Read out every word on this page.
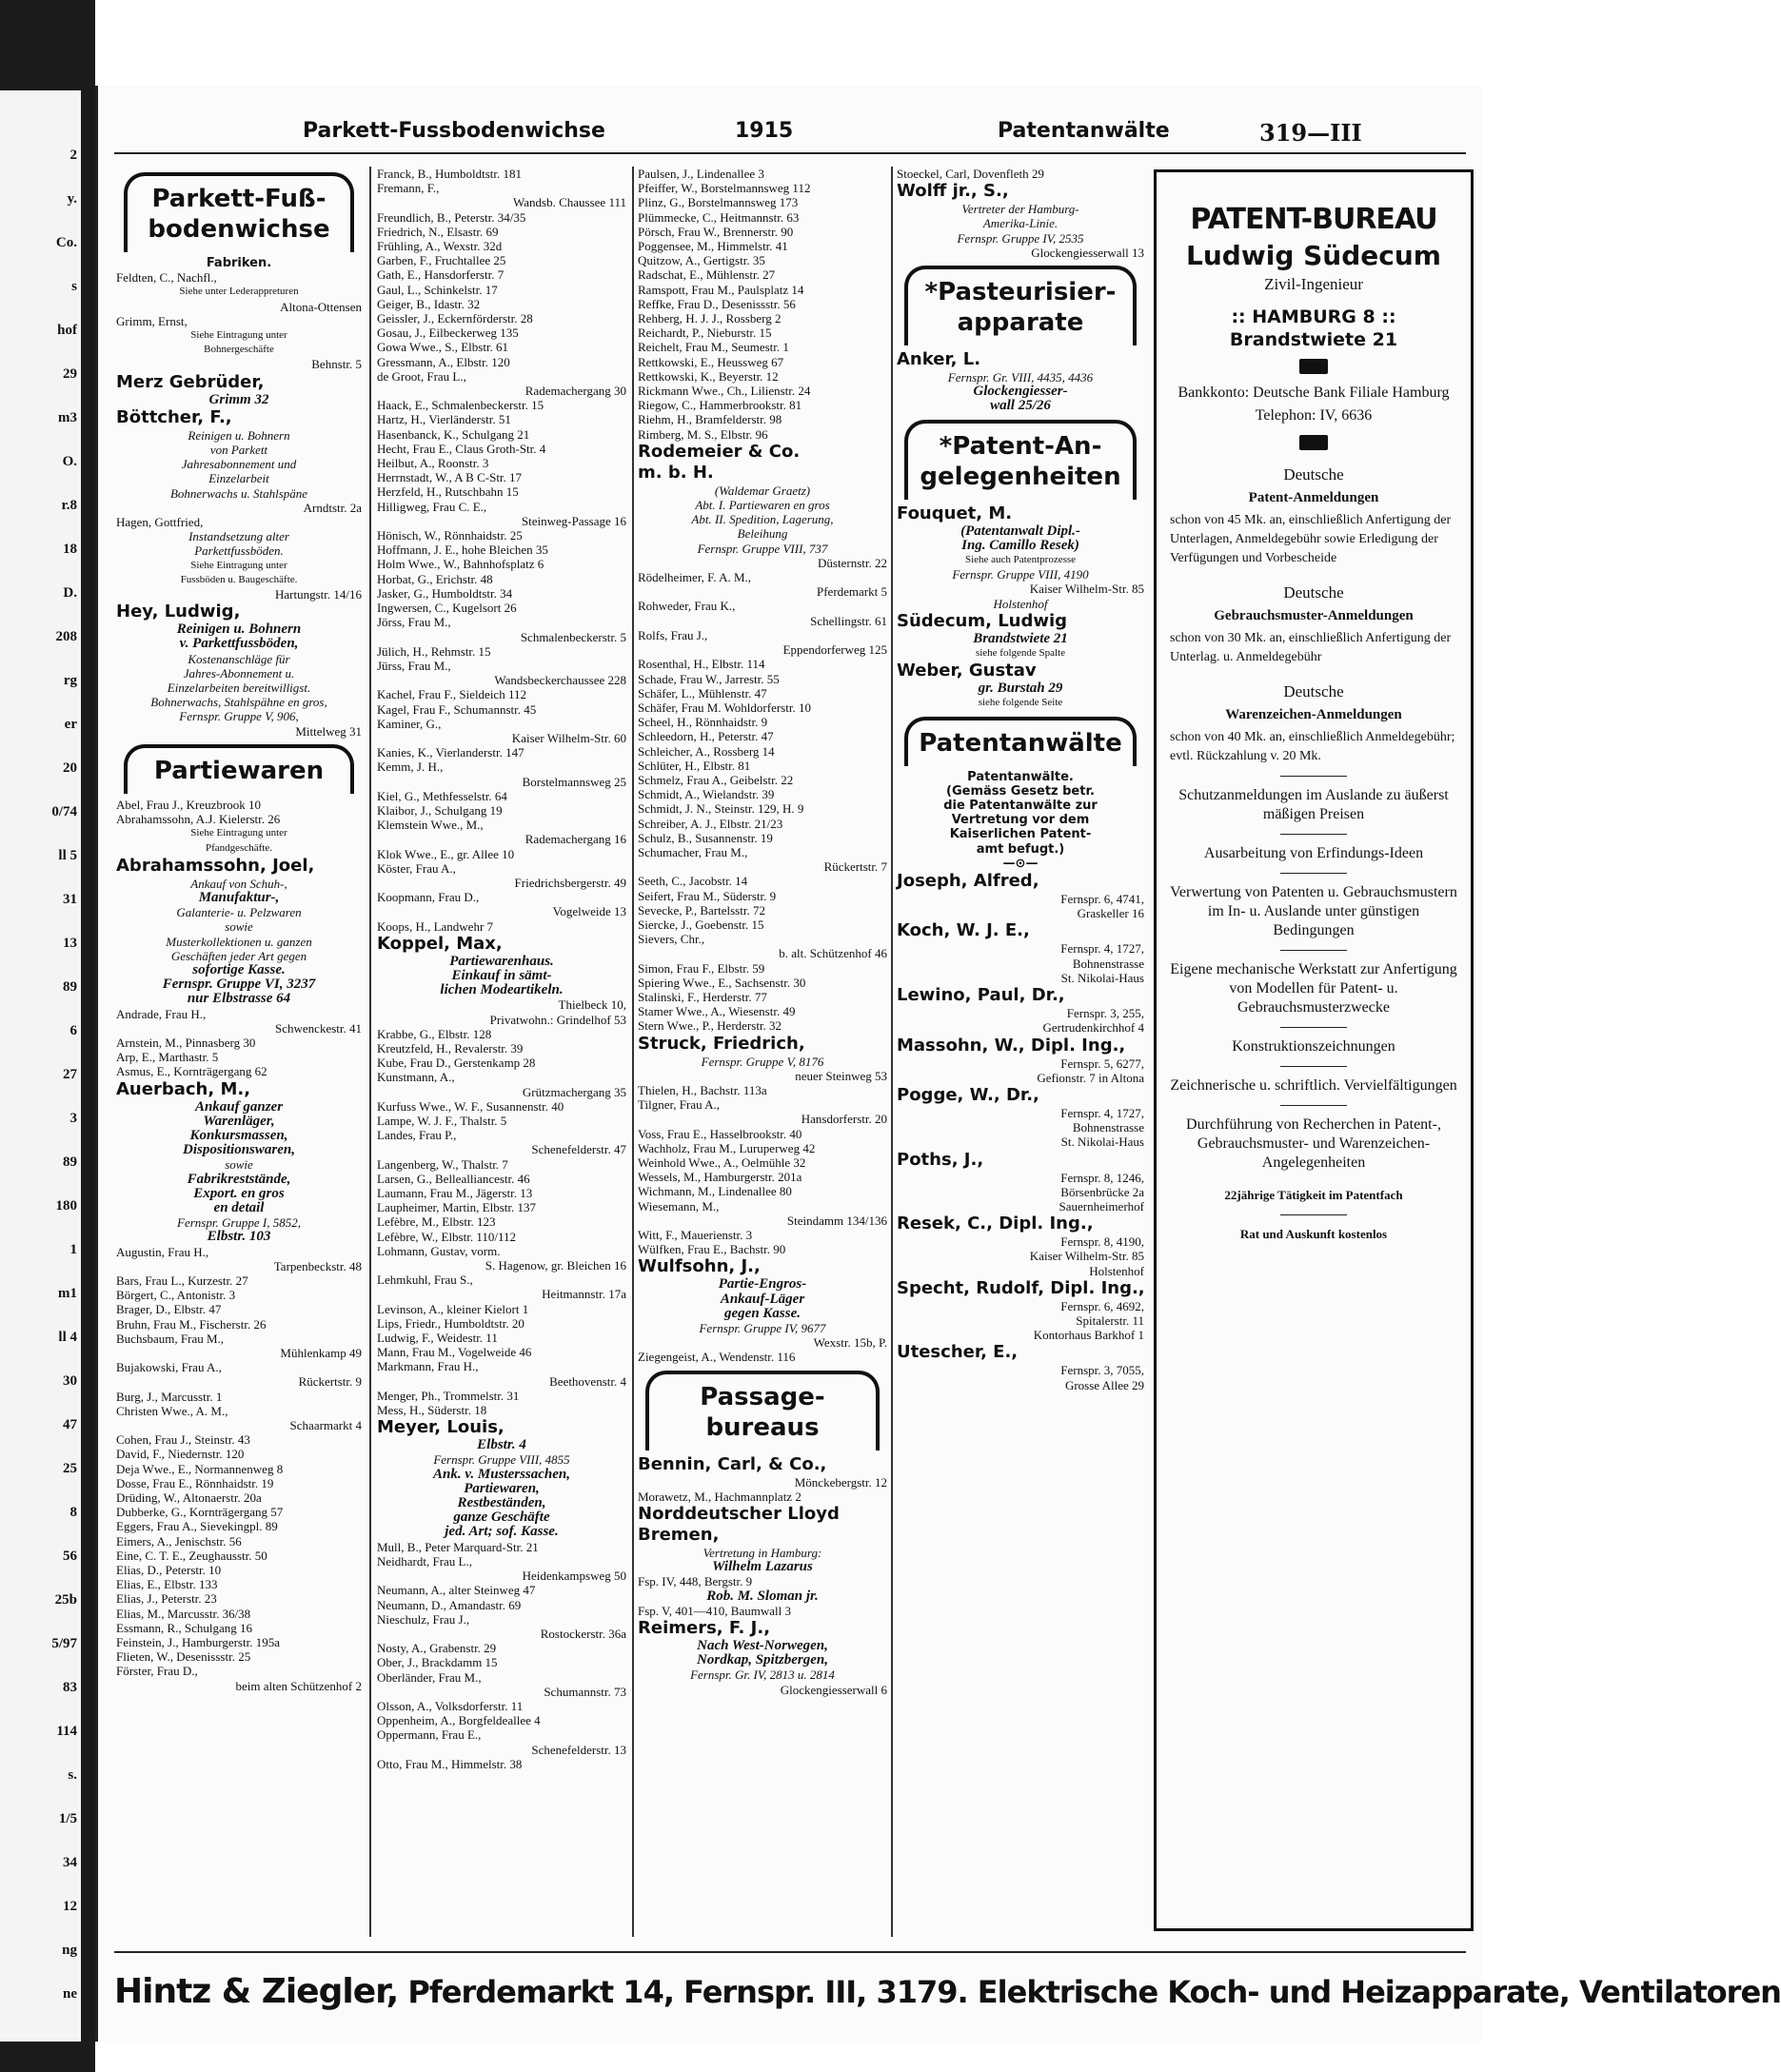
2
y.
Co.
s
hof
29
m3
O.
r.8
18
D.
208
rg
er
20
0/74
ll 5
31
13
89
6
27
3
89
180
1
m1
ll 4
30
47
25
8
56
25b
5/97
83
114
s.
1/5
34
12
ng
ne
Parkett-Fussbodenwichse	1915	Patentanwälte	319—III
Parkett-Fuß-
bodenwichse
Fabriken.
Feldten, C., Nachfl.,
Siehe unter Lederappreturen
Altona-Ottensen
Grimm, Ernst,
Siehe Eintragung unter
Bohnergeschäfte
Behnstr. 5
Merz Gebrüder,
Grimm 32
Böttcher, F.,
Reinigen u. Bohnern
von Parkett
Jahresabonnement und
Einzelarbeit
Bohnerwachs u. Stahlspäne
Arndtstr. 2a
Hagen, Gottfried,
Instandsetzung alter
Parkettfussböden.
Siehe Eintragung unter
Fussböden u. Baugeschäfte.
Hartungstr. 14/16
Hey, Ludwig,
Reinigen u. Bohnern
v. Parkettfussböden,
Kostenanschläge für
Jahres-Abonnement u.
Einzelarbeiten bereitwilligst.
Bohnerwachs, Stahlspähne en gros,
Fernspr. Gruppe V, 906,
Mittelweg 31
Partiewaren
Abel, Frau J., Kreuzbrook 10
Abrahamssohn, A.J. Kielerstr. 26
Siehe Eintragung unter
Pfandgeschäfte.
Abrahamssohn, Joel,
Ankauf von Schuh-,
Manufaktur-,
Galanterie- u. Pelzwaren
sowie
Musterkollektionen u. ganzen
Geschäften jeder Art gegen
sofortige Kasse.
Fernspr. Gruppe VI, 3237
nur Elbstrasse 64
Andrade, Frau H.,
Schwenckestr. 41
Arnstein, M., Pinnasberg 30
Arp, E., Marthastr. 5
Asmus, E., Kornträgergang 62
Auerbach, M.,
Ankauf ganzer
Warenläger,
Konkursmassen,
Dispositionswaren,
sowie
Fabrikreststände,
Export. en gros
en detail
Fernspr. Gruppe I, 5852,
Elbstr. 103
Augustin, Frau H.,
Tarpenbeckstr. 48
Bars, Frau L., Kurzestr. 27
Börgert, C., Antonistr. 3
Brager, D., Elbstr. 47
Bruhn, Frau M., Fischerstr. 26
Buchsbaum, Frau M.,
Mühlenkamp 49
Bujakowski, Frau A.,
Rückertstr. 9
Burg, J., Marcusstr. 1
Christen Wwe., A. M.,
Schaarmarkt 4
Cohen, Frau J., Steinstr. 43
David, F., Niedernstr. 120
Deja Wwe., E., Normannenweg 8
Dosse, Frau E., Rönnhaidstr. 19
Drüding, W., Altonaerstr. 20a
Dubberke, G., Kornträgergang 57
Eggers, Frau A., Sievekingpl. 89
Eimers, A., Jenischstr. 56
Eine, C. T. E., Zeughausstr. 50
Elias, D., Peterstr. 10
Elias, E., Elbstr. 133
Elias, J., Peterstr. 23
Elias, M., Marcusstr. 36/38
Essmann, R., Schulgang 16
Feinstein, J., Hamburgerstr. 195a
Flieten, W., Desenissstr. 25
Förster, Frau D.,
beim alten Schützenhof 2
Franck, B., Humboldtstr. 181
Fremann, F.,
Wandsb. Chaussee 111
Freundlich, B., Peterstr. 34/35
Friedrich, N., Elsastr. 69
Frühling, A., Wexstr. 32d
Garben, F., Fruchtallee 25
Gath, E., Hansdorferstr. 7
Gaul, L., Schinkelstr. 17
Geiger, B., Idastr. 32
Geissler, J., Eckernförderstr. 28
Gosau, J., Eilbeckerweg 135
Gowa Wwe., S., Elbstr. 61
Gressmann, A., Elbstr. 120
de Groot, Frau L.,
Rademachergang 30
Haack, E., Schmalenbeckerstr. 15
Hartz, H., Vierländerstr. 51
Hasenbanck, K., Schulgang 21
Hecht, Frau E., Claus Groth-Str. 4
Heilbut, A., Roonstr. 3
Herrnstadt, W., A B C-Str. 17
Herzfeld, H., Rutschbahn 15
Hilligweg, Frau C. E.,
Steinweg-Passage 16
Hönisch, W., Rönnhaidstr. 25
Hoffmann, J. E., hohe Bleichen 35
Holm Wwe., W., Bahnhofsplatz 6
Horbat, G., Erichstr. 48
Jasker, G., Humboldtstr. 34
Ingwersen, C., Kugelsort 26
Jörss, Frau M.,
Schmalenbeckerstr. 5
Jülich, H., Rehmstr. 15
Jürss, Frau M.,
Wandsbeckerchaussee 228
Kachel, Frau F., Sieldeich 112
Kagel, Frau F., Schumannstr. 45
Kaminer, G.,
Kaiser Wilhelm-Str. 60
Kanies, K., Vierlanderstr. 147
Kemm, J. H.,
Borstelmannsweg 25
Kiel, G., Methfesselstr. 64
Klaibor, J., Schulgang 19
Klemstein Wwe., M.,
Rademachergang 16
Klok Wwe., E., gr. Allee 10
Köster, Frau A.,
Friedrichsbergerstr. 49
Koopmann, Frau D.,
Vogelweide 13
Koops, H., Landwehr 7
Koppel, Max,
Partiewarenhaus.
Einkauf in sämt-
lichen Modeartikeln.
Thielbeck 10,
Privatwohn.: Grindelhof 53
Krabbe, G., Elbstr. 128
Kreutzfeld, H., Revalerstr. 39
Kube, Frau D., Gerstenkamp 28
Kunstmann, A.,
Grützmachergang 35
Kurfuss Wwe., W. F., Susannenstr. 40
Lampe, W. J. F., Thalstr. 5
Landes, Frau P.,
Schenefelderstr. 47
Langenberg, W., Thalstr. 7
Larsen, G., Bellealliancestr. 46
Laumann, Frau M., Jägerstr. 13
Laupheimer, Martin, Elbstr. 137
Lefèbre, M., Elbstr. 123
Lefèbre, W., Elbstr. 110/112
Lohmann, Gustav, vorm.
S. Hagenow, gr. Bleichen 16
Lehmkuhl, Frau S.,
Heitmannstr. 17a
Levinson, A., kleiner Kielort 1
Lips, Friedr., Humboldtstr. 20
Ludwig, F., Weidestr. 11
Mann, Frau M., Vogelweide 46
Markmann, Frau H.,
Beethovenstr. 4
Menger, Ph., Trommelstr. 31
Mess, H., Süderstr. 18
Meyer, Louis,
Elbstr. 4
Fernspr. Gruppe VIII, 4855
Ank. v. Musterssachen,
Partiewaren,
Restbeständen,
ganze Geschäfte
jed. Art; sof. Kasse.
Mull, B., Peter Marquard-Str. 21
Neidhardt, Frau L.,
Heidenkampsweg 50
Neumann, A., alter Steinweg 47
Neumann, D., Amandastr. 69
Nieschulz, Frau J.,
Rostockerstr. 36a
Nosty, A., Grabenstr. 29
Ober, J., Brackdamm 15
Oberländer, Frau M.,
Schumannstr. 73
Olsson, A., Volksdorferstr. 11
Oppenheim, A., Borgfeldeallee 4
Oppermann, Frau E.,
Schenefelderstr. 13
Otto, Frau M., Himmelstr. 38
Paulsen, J., Lindenallee 3
Pfeiffer, W., Borstelmannsweg 112
Plinz, G., Borstelmannsweg 173
Plümmecke, C., Heitmannstr. 63
Pörsch, Frau W., Brennerstr. 90
Poggensee, M., Himmelstr. 41
Quitzow, A., Gertigstr. 35
Radschat, E., Mühlenstr. 27
Ramspott, Frau M., Paulsplatz 14
Reffke, Frau D., Desenissstr. 56
Rehberg, H. J. J., Rossberg 2
Reichardt, P., Nieburstr. 15
Reichelt, Frau M., Seumestr. 1
Rettkowski, E., Heussweg 67
Rettkowski, K., Beyerstr. 12
Rickmann Wwe., Ch., Lilienstr. 24
Riegow, C., Hammerbrookstr. 81
Riehm, H., Bramfelderstr. 98
Rimberg, M. S., Elbstr. 96
Rodemeier & Co.
m. b. H.
(Waldemar Graetz)
Abt. I. Partiewaren en gros
Abt. II. Spedition, Lagerung,
Beleihung
Fernspr. Gruppe VIII, 737
Düsternstr. 22
Rödelheimer, F. A. M.,
Pferdemarkt 5
Rohweder, Frau K.,
Schellingstr. 61
Rolfs, Frau J.,
Eppendorferweg 125
Rosenthal, H., Elbstr. 114
Schade, Frau W., Jarrestr. 55
Schäfer, L., Mühlenstr. 47
Schäfer, Frau M. Wohldorferstr. 10
Scheel, H., Rönnhaidstr. 9
Schleedorn, H., Peterstr. 47
Schleicher, A., Rossberg 14
Schlüter, H., Elbstr. 81
Schmelz, Frau A., Geibelstr. 22
Schmidt, A., Wielandstr. 39
Schmidt, J. N., Steinstr. 129, H. 9
Schreiber, A. J., Elbstr. 21/23
Schulz, B., Susannenstr. 19
Schumacher, Frau M.,
Rückertstr. 7
Seeth, C., Jacobstr. 14
Seifert, Frau M., Süderstr. 9
Sevecke, P., Bartelsstr. 72
Siercke, J., Goebenstr. 15
Sievers, Chr.,
b. alt. Schützenhof 46
Simon, Frau F., Elbstr. 59
Spiering Wwe., E., Sachsenstr. 30
Stalinski, F., Herderstr. 77
Stamer Wwe., A., Wiesenstr. 49
Stern Wwe., P., Herderstr. 32
Struck, Friedrich,
Fernspr. Gruppe V, 8176
neuer Steinweg 53
Thielen, H., Bachstr. 113a
Tilgner, Frau A.,
Hansdorferstr. 20
Voss, Frau E., Hasselbrookstr. 40
Wachholz, Frau M., Luruperweg 42
Weinhold Wwe., A., Oelmühle 32
Wessels, M., Hamburgerstr. 201a
Wichmann, M., Lindenallee 80
Wiesemann, M.,
Steindamm 134/136
Witt, F., Mauerienstr. 3
Wülfken, Frau E., Bachstr. 90
Wulfsohn, J.,
Partie-Engros-
Ankauf-Läger
gegen Kasse.
Fernspr. Gruppe IV, 9677
Wexstr. 15b, P.
Ziegengeist, A., Wendenstr. 116
Passage-
bureaus
Bennin, Carl, & Co.,
Mönckebergstr. 12
Morawetz, M., Hachmannplatz 2
Norddeutscher Lloyd
Bremen,
Vertretung in Hamburg:
Wilhelm Lazarus
Fsp. IV, 448, Bergstr. 9
Rob. M. Sloman jr.
Fsp. V, 401—410, Baumwall 3
Reimers, F. J.,
Nach West-Norwegen,
Nordkap, Spitzbergen,
Fernspr. Gr. IV, 2813 u. 2814
Glockengiesserwall 6
Stoeckel, Carl, Dovenfleth 29
Wolff jr., S.,
Vertreter der Hamburg-
Amerika-Linie.
Fernspr. Gruppe IV, 2535
Glockengiesserwall 13
*Pasteurisier-
apparate
Anker, L.
Fernspr. Gr. VIII, 4435, 4436
Glockengiesser-
wall 25/26
*Patent-An-
gelegenheiten
Fouquet, M.
(Patentanwalt Dipl.-
Ing. Camillo Resek)
Siehe auch Patentprozesse
Fernspr. Gruppe VIII, 4190
Kaiser Wilhelm-Str. 85
Holstenhof
Südecum, Ludwig
Brandstwiete 21
siehe folgende Spalte
Weber, Gustav
gr. Burstah 29
siehe folgende Seite
Patentanwälte
Patentanwälte.
(Gemäss Gesetz betr.
die Patentanwälte zur
Vertretung vor dem
Kaiserlichen Patent-
amt befugt.)
—⊙—
Joseph, Alfred,
Fernspr. 6, 4741,
Graskeller 16
Koch, W. J. E.,
Fernspr. 4, 1727,
Bohnenstrasse
St. Nikolai-Haus
Lewino, Paul, Dr.,
Fernspr. 3, 255,
Gertrudenkirchhof 4
Massohn, W., Dipl. Ing.,
Fernspr. 5, 6277,
Gefionstr. 7 in Altona
Pogge, W., Dr.,
Fernspr. 4, 1727,
Bohnenstrasse
St. Nikolai-Haus
Poths, J.,
Fernspr. 8, 1246,
Börsenbrücke 2a
Sauernheimerhof
Resek, C., Dipl. Ing.,
Fernspr. 8, 4190,
Kaiser Wilhelm-Str. 85
Holstenhof
Specht, Rudolf, Dipl. Ing.,
Fernspr. 6, 4692,
Spitalerstr. 11
Kontorhaus Barkhof 1
Utescher, E.,
Fernspr. 3, 7055,
Grosse Allee 29
PATENT-BUREAU
Ludwig Südecum
Zivil-Ingenieur
:: HAMBURG 8 ::
Brandstwiete 21
Bankkonto: Deutsche Bank Filiale Hamburg
Telephon: IV, 6636
Deutsche
Patent-Anmeldungen
schon von 45 Mk. an, einschließlich Anfertigung der Unterlagen, Anmeldegebühr sowie Erledigung der Verfügungen und Vorbescheide
Deutsche
Gebrauchsmuster-Anmeldungen
schon von 30 Mk. an, einschließlich Anfertigung der Unterlag. u. Anmeldegebühr
Deutsche
Warenzeichen-Anmeldungen
schon von 40 Mk. an, einschließlich Anmeldegebühr; evtl. Rückzahlung v. 20 Mk.
Schutzanmeldungen im Auslande zu äußerst mäßigen Preisen
Ausarbeitung von Erfindungs-Ideen
Verwertung von Patenten u. Gebrauchsmustern im In- u. Auslande unter günstigen Bedingungen
Eigene mechanische Werkstatt zur Anfertigung von Modellen für Patent- u. Gebrauchsmusterzwecke
Konstruktionszeichnungen
Zeichnerische u. schriftlich. Vervielfältigungen
Durchführung von Recherchen in Patent-, Gebrauchsmuster- und Warenzeichen-Angelegenheiten
22jährige Tätigkeit im Patentfach
Rat und Auskunft kostenlos
Hintz & Ziegler, Pferdemarkt 14, Fernspr. III, 3179. Elektrische Koch- und Heizapparate, Ventilatoren
